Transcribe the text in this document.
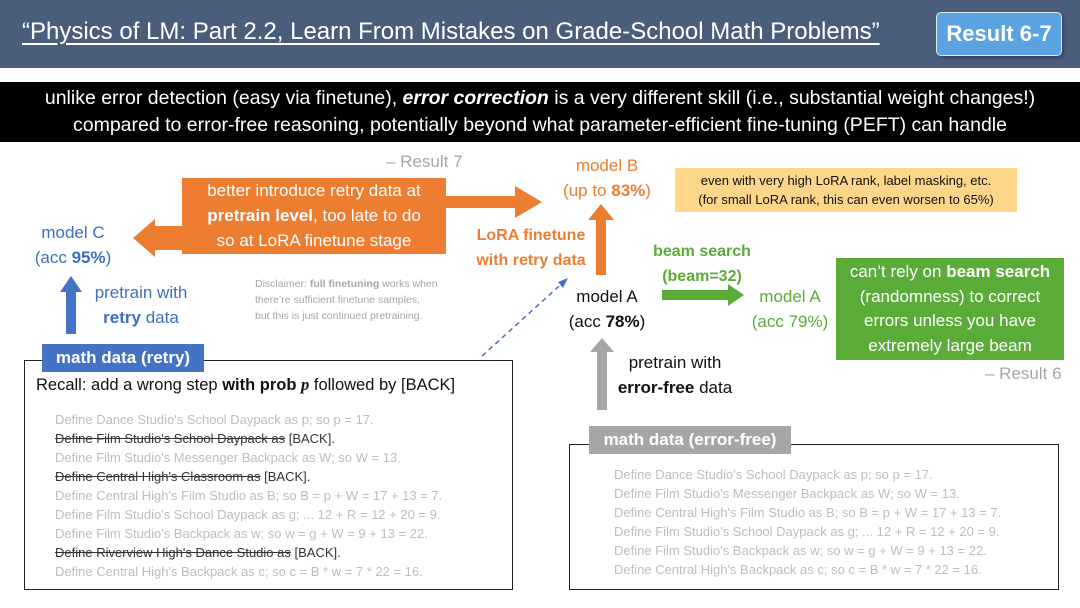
“Physics of LM: Part 2.2, Learn From Mistakes on Grade-School Math Problems”	Result 6-7
unlike error detection (easy via finetune), error correction is a very different skill (i.e., substantial weight changes!)
compared to error-free reasoning, potentially beyond what parameter-efficient fine-tuning (PEFT) can handle
– Result 7
– Result 6
better introduce retry data at
pretrain level, too late to do
so at LoRA finetune stage
model C
(acc 95%)
model B
(up to 83%)
even with very high LoRA rank, label masking, etc.
(for small LoRA rank, this can even worsen to 65%)
LoRA finetune
with retry data
model A
(acc 78%)
beam search
(beam=32)
model A
(acc 79%)
can’t rely on beam search
(randomness) to correct
errors unless you have
extremely large beam
pretrain with
retry data
Disclaimer: full finetuning works when
there’re sufficient finetune samples,
but this is just continued pretraining.
pretrain with
error-free data
math data (retry)
Recall: add a wrong step with prob p followed by [BACK]
Define Dance Studio's School Daypack as p; so p = 17.
Define Film Studio's School Daypack as [BACK].
Define Film Studio's Messenger Backpack as W; so W = 13.
Define Central High's Classroom as [BACK].
Define Central High's Film Studio as B; so B = p + W = 17 + 13 = 7.
Define Film Studio's School Daypack as g; ... 12 + R = 12 + 20 = 9.
Define Film Studio's Backpack as w; so w = g + W = 9 + 13 = 22.
Define Riverview High's Dance Studio as [BACK].
Define Central High's Backpack as c; so c = B * w = 7 * 22 = 16.
math data (error-free)
Define Dance Studio's School Daypack as p; so p = 17.
Define Film Studio's Messenger Backpack as W; so W = 13.
Define Central High's Film Studio as B; so B = p + W = 17 + 13 = 7.
Define Film Studio's School Daypack as g; ... 12 + R = 12 + 20 = 9.
Define Film Studio's Backpack as w; so w = g + W = 9 + 13 = 22.
Define Central High's Backpack as c; so c = B * w = 7 * 22 = 16.
